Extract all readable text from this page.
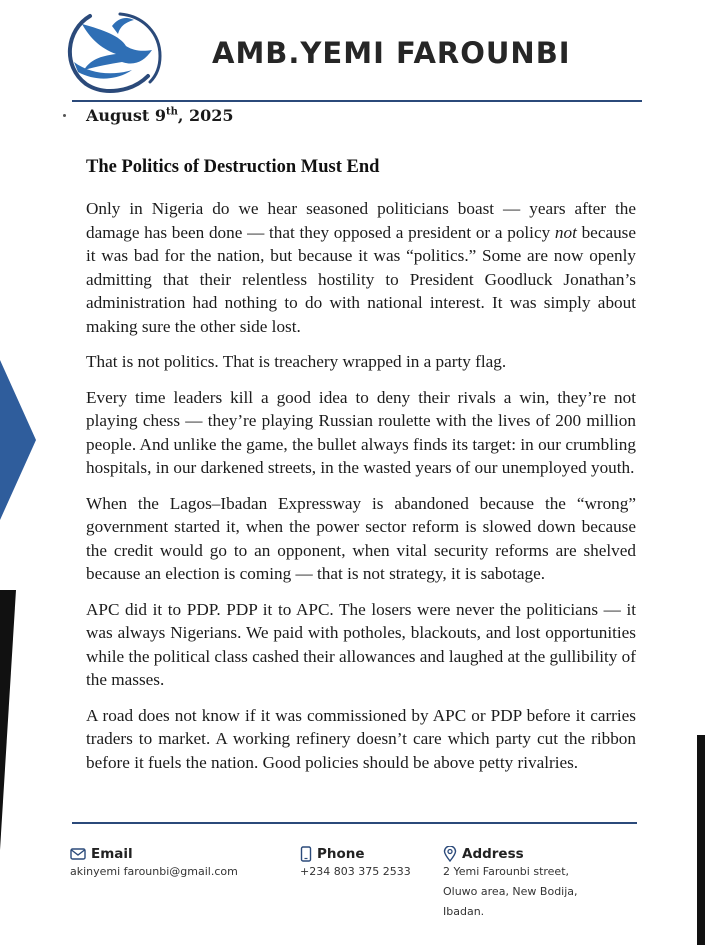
AMB.YEMI FAROUNBI
August 9th, 2025
The Politics of Destruction Must End

Only in Nigeria do we hear seasoned politicians boast — years after the damage has been done — that they opposed a president or a policy not because it was bad for the nation, but because it was “politics.” Some are now openly admitting that their relentless hostility to President Goodluck Jonathan’s administration had nothing to do with national interest. It was simply about making sure the other side lost.

That is not politics. That is treachery wrapped in a party flag.

Every time leaders kill a good idea to deny their rivals a win, they’re not playing chess — they’re playing Russian roulette with the lives of 200 million people. And unlike the game, the bullet always finds its target: in our crumbling hospitals, in our darkened streets, in the wasted years of our unemployed youth.

When the Lagos–Ibadan Expressway is abandoned because the “wrong” government started it, when the power sector reform is slowed down because the credit would go to an opponent, when vital security reforms are shelved because an election is coming — that is not strategy, it is sabotage.

APC did it to PDP. PDP it to APC. The losers were never the politicians — it was always Nigerians. We paid with potholes, blackouts, and lost opportunities while the political class cashed their allowances and laughed at the gullibility of the masses.

A road does not know if it was commissioned by APC or PDP before it carries traders to market. A working refinery doesn’t care which party cut the ribbon before it fuels the nation. Good policies should be above petty rivalries.

Email
akinyemi farounbi@gmail.com
Phone
+234 803 375 2533
Address
2 Yemi Farounbi street,
Oluwo area, New Bodija,
Ibadan.
